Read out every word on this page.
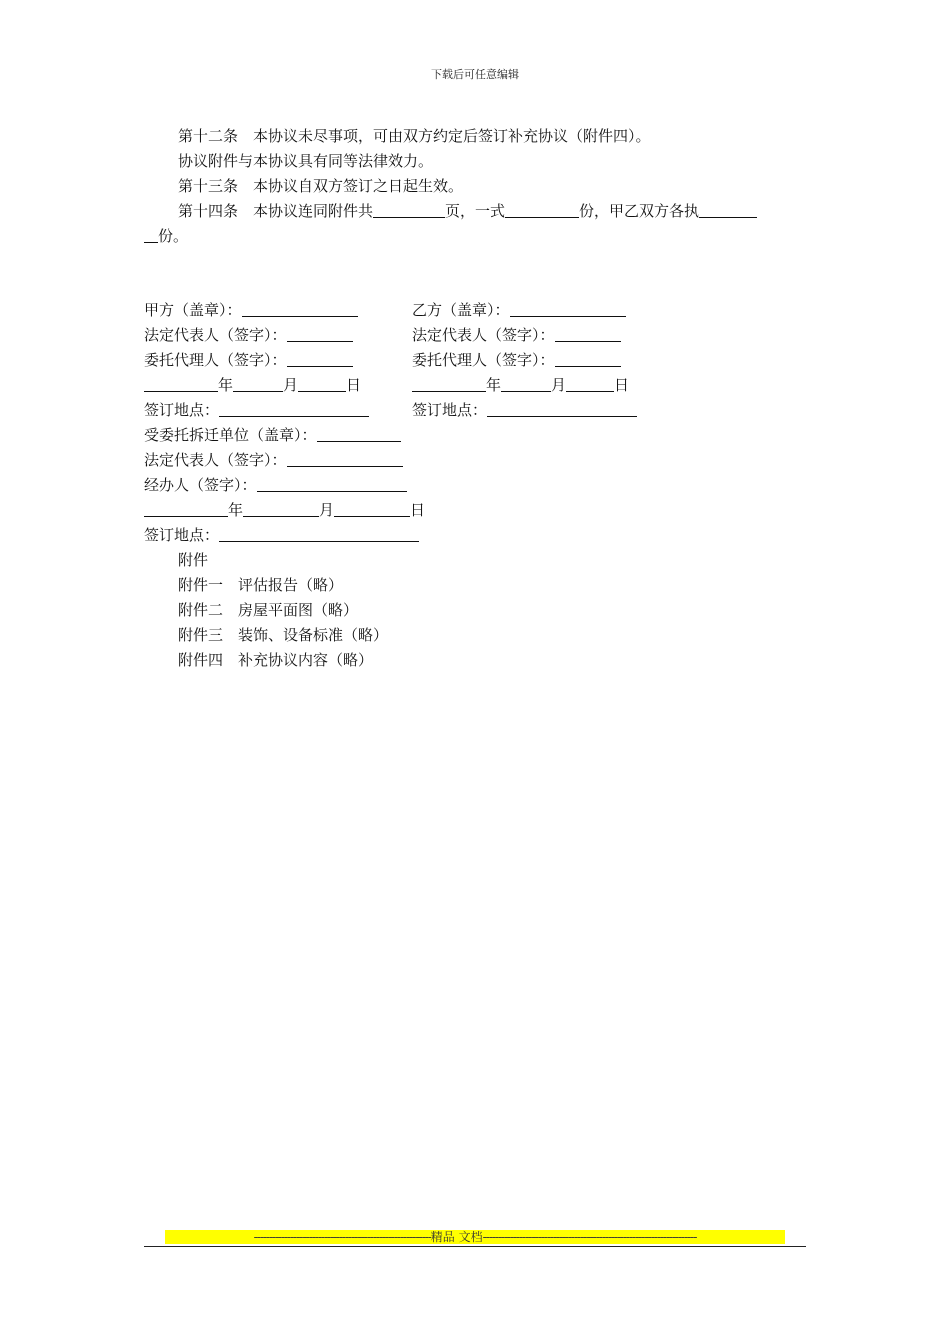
下载后可任意编辑
第十二条　本协议未尽事项，可由双方约定后签订补充协议（附件四）。
协议附件与本协议具有同等法律效力。
第十三条　本协议自双方签订之日起生效。
第十四条　本协议连同附件共	页，一式	份，甲乙双方各执
份。
甲方（盖章）：
法定代表人（签字）：
委托代理人（签字）：
年	月	日
签订地点：
乙方（盖章）：
法定代表人（签字）：
委托代理人（签字）：
年	月	日
签订地点：
受委托拆迁单位（盖章）：
法定代表人（签字）：
经办人（签字）：
年	月	日
签订地点：
附件
附件一　评估报告（略）
附件二　房屋平面图（略）
附件三　装饰、设备标准（略）
附件四　补充协议内容（略）
----------------------------------------------------------精品 文档----------------------------------------------------------------------
